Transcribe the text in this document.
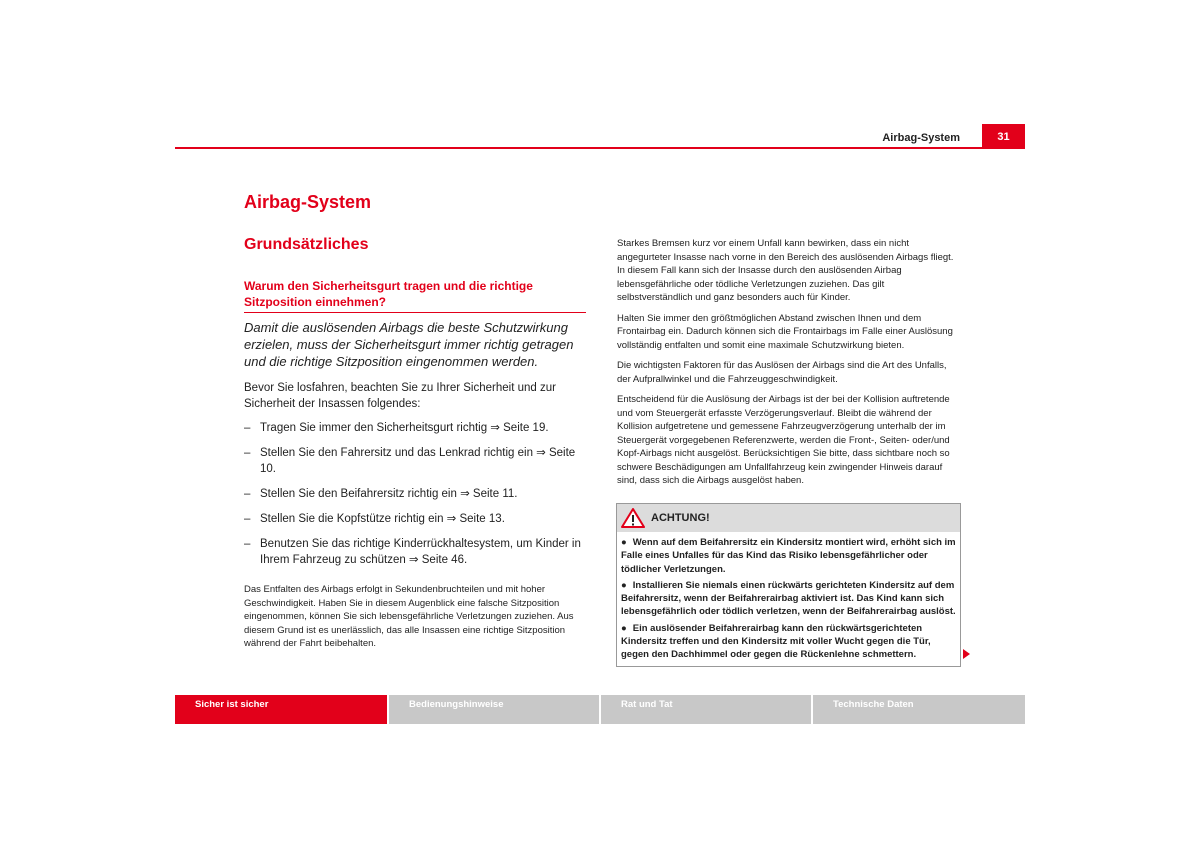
Airbag-System	31
Airbag-System
Grundsätzliches
Warum den Sicherheitsgurt tragen und die richtige Sitzposition einnehmen?
Damit die auslösenden Airbags die beste Schutzwirkung erzielen, muss der Sicherheitsgurt immer richtig getragen und die richtige Sitzposition eingenommen werden.
Bevor Sie losfahren, beachten Sie zu Ihrer Sicherheit und zur Sicherheit der Insassen folgendes:
– Tragen Sie immer den Sicherheitsgurt richtig ⇒ Seite 19.
– Stellen Sie den Fahrersitz und das Lenkrad richtig ein ⇒ Seite 10.
– Stellen Sie den Beifahrersitz richtig ein ⇒ Seite 11.
– Stellen Sie die Kopfstütze richtig ein ⇒ Seite 13.
– Benutzen Sie das richtige Kinderrückhaltesystem, um Kinder in Ihrem Fahrzeug zu schützen ⇒ Seite 46.
Das Entfalten des Airbags erfolgt in Sekundenbruchteilen und mit hoher Geschwindigkeit. Haben Sie in diesem Augenblick eine falsche Sitzposition eingenommen, können Sie sich lebensgefährliche Verletzungen zuziehen. Aus diesem Grund ist es unerlässlich, das alle Insassen eine richtige Sitzposition während der Fahrt beibehalten.

Starkes Bremsen kurz vor einem Unfall kann bewirken, dass ein nicht angegurteter Insasse nach vorne in den Bereich des auslösenden Airbags fliegt. In diesem Fall kann sich der Insasse durch den auslösenden Airbag lebensgefährliche oder tödliche Verletzungen zuziehen. Das gilt selbstverständlich und ganz besonders auch für Kinder.

Halten Sie immer den größtmöglichen Abstand zwischen Ihnen und dem Frontairbag ein. Dadurch können sich die Frontairbags im Falle einer Auslösung vollständig entfalten und somit eine maximale Schutzwirkung bieten.

Die wichtigsten Faktoren für das Auslösen der Airbags sind die Art des Unfalls, der Aufprallwinkel und die Fahrzeuggeschwindigkeit.

Entscheidend für die Auslösung der Airbags ist der bei der Kollision auftretende und vom Steuergerät erfasste Verzögerungsverlauf. Bleibt die während der Kollision aufgetretene und gemessene Fahrzeugverzögerung unterhalb der im Steuergerät vorgegebenen Referenzwerte, werden die Front-, Seiten- oder/und Kopf-Airbags nicht ausgelöst. Berücksichtigen Sie bitte, dass sichtbare noch so schwere Beschädigungen am Unfallfahrzeug kein zwingender Hinweis darauf sind, dass sich die Airbags ausgelöst haben.

ACHTUNG!

● Wenn auf dem Beifahrersitz ein Kindersitz montiert wird, erhöht sich im Falle eines Unfalles für das Kind das Risiko lebensgefährlicher oder tödlicher Verletzungen.

● Installieren Sie niemals einen rückwärts gerichteten Kindersitz auf dem Beifahrersitz, wenn der Beifahrerairbag aktiviert ist. Das Kind kann sich lebensgefährlich oder tödlich verletzen, wenn der Beifahrerairbag auslöst.

● Ein auslösender Beifahrerairbag kann den rückwärtsgerichteten Kindersitz treffen und den Kindersitz mit voller Wucht gegen die Tür, gegen den Dachhimmel oder gegen die Rückenlehne schmettern.

Sicher ist sicher	Bedienungshinweise	Rat und Tat	Technische Daten
